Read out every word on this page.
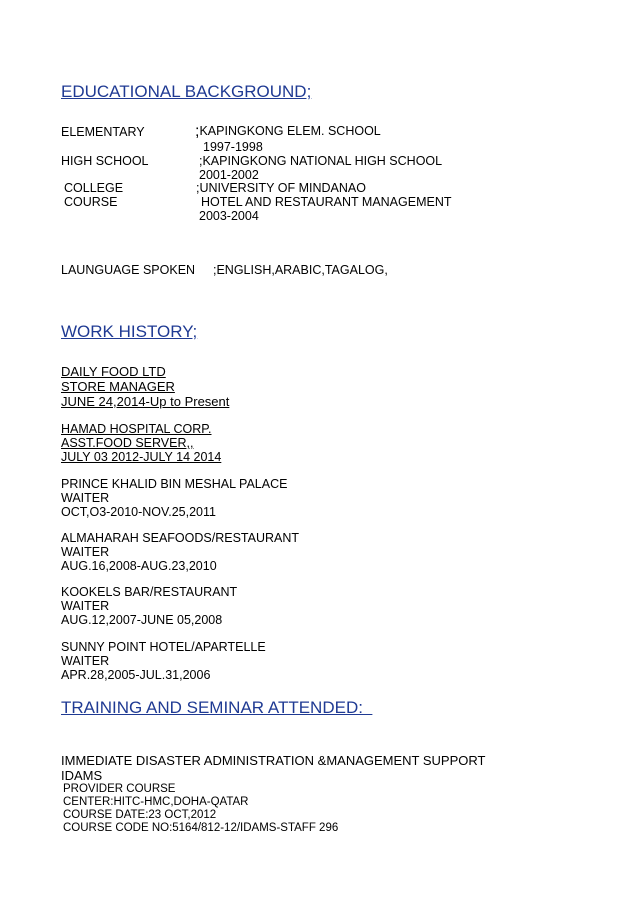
EDUCATIONAL BACKGROUND;
ELEMENTARY	;KAPINGKONG ELEM. SCHOOL
1997-1998
HIGH SCHOOL	;KAPINGKONG NATIONAL HIGH SCHOOL
2001-2002
COLLEGE	;UNIVERSITY OF MINDANAO
COURSE	HOTEL AND RESTAURANT MANAGEMENT
2003-2004
LAUNGUAGE SPOKEN ;ENGLISH,ARABIC,TAGALOG,
WORK HISTORY;
DAILY FOOD LTD
STORE MANAGER
JUNE 24,2014-Up to Present
HAMAD HOSPITAL CORP.
ASST.FOOD SERVER,,
JULY 03 2012-JULY 14 2014
PRINCE KHALID BIN MESHAL PALACE
WAITER
OCT,O3-2010-NOV.25,2011
ALMAHARAH SEAFOODS/RESTAURANT
WAITER
AUG.16,2008-AUG.23,2010
KOOKELS BAR/RESTAURANT
WAITER
AUG.12,2007-JUNE 05,2008
SUNNY POINT HOTEL/APARTELLE
WAITER
APR.28,2005-JUL.31,2006
TRAINING AND SEMINAR ATTENDED:
IMMEDIATE DISASTER ADMINISTRATION &MANAGEMENT SUPPORT
IDAMS
PROVIDER COURSE
CENTER:HITC-HMC,DOHA-QATAR
COURSE DATE:23 OCT,2012
COURSE CODE NO:5164/812-12/IDAMS-STAFF 296
